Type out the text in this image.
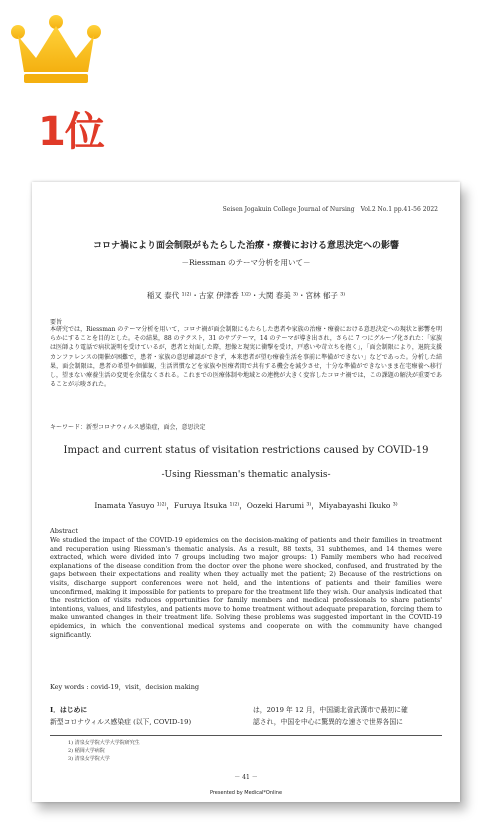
1位
Seisen Jogakuin College Journal of Nursing　Vol.2 No.1 pp.41-56 2022
コロナ禍により面会制限がもたらした治療・療養における意思決定への影響
－Riessman のテーマ分析を用いて－
稲叉 泰代 ¹⁾²⁾・古家 伊津香 ¹⁾²⁾・大関 春美 ³⁾・宮林 郁子 ³⁾
要旨
本研究では，Riessman のテーマ分析を用いて，コロナ禍が面会制限にもたらした患者や家族の治療・療養における意思決定への現状と影響を明らかにすることを目的とした。その結果，88 のテクスト，31 のサブテーマ，14 のテーマが導き出され，さらに 7 つにグループ化された：「家族は医師より電話で病状説明を受けているが，患者と対面した際，想像と現実に衝撃を受け，戸惑いや苛立ちを抱く」，「面会制限により，退院支援カンファレンスの開催が困難で，患者・家族の意思確認ができず，本来患者が望む療養生活を事前に準備ができない」などであった。分析した結果，面会制限は，患者の希望や価値観，生活習慣などを家族や医療者間で共有する機会を減少させ，十分な準備ができないまま在宅療養へ移行し，望まない療養生活の変更を余儀なくされる。これまでの医療体制や地域との連携が大きく変容したコロナ禍では，この課題の解決が重要であることが示唆された。
キーワード：新型コロナウィルス感染症，面会，意思決定
Impact and current status of visitation restrictions caused by COVID-19
-Using Riessman's thematic analysis-
Inamata Yasuyo ¹⁾²⁾，Furuya Itsuka ¹⁾²⁾，Oozeki Harumi ³⁾，Miyabayashi Ikuko ³⁾
Abstract
We studied the impact of the COVID-19 epidemics on the decision-making of patients and their families in treatment and recuperation using Riessman's thematic analysis. As a result, 88 texts, 31 subthemes, and 14 themes were extracted, which were divided into 7 groups including two major groups: 1) Family members who had received explanations of the disease condition from the doctor over the phone were shocked, confused, and frustrated by the gaps between their expectations and reality when they actually met the patient; 2) Because of the restrictions on visits, discharge support conferences were not held, and the intentions of patients and their families were unconfirmed, making it impossible for patients to prepare for the treatment life they wish. Our analysis indicated that the restriction of visits reduces opportunities for family members and medical professionals to share patients' intentions, values, and lifestyles, and patients move to home treatment without adequate preparation, forcing them to make unwanted changes in their treatment life. Solving these problems was suggested important in the COVID-19 epidemics, in which the conventional medical systems and cooperate on with the community have changed significantly.
Key words : covid-19，visit，decision making
Ⅰ．はじめに
新型コロナウィルス感染症 (以下, COVID-19)
は，2019 年 12 月，中国湖北省武漢市で最初に確
認され，中国を中心に驚異的な速さで世界各国に
1) 清泉女学院大学大学院研究生
2) 稲岡大学病院
3) 清泉女学院大学
－ 41 －
Presented by Medical*Online
